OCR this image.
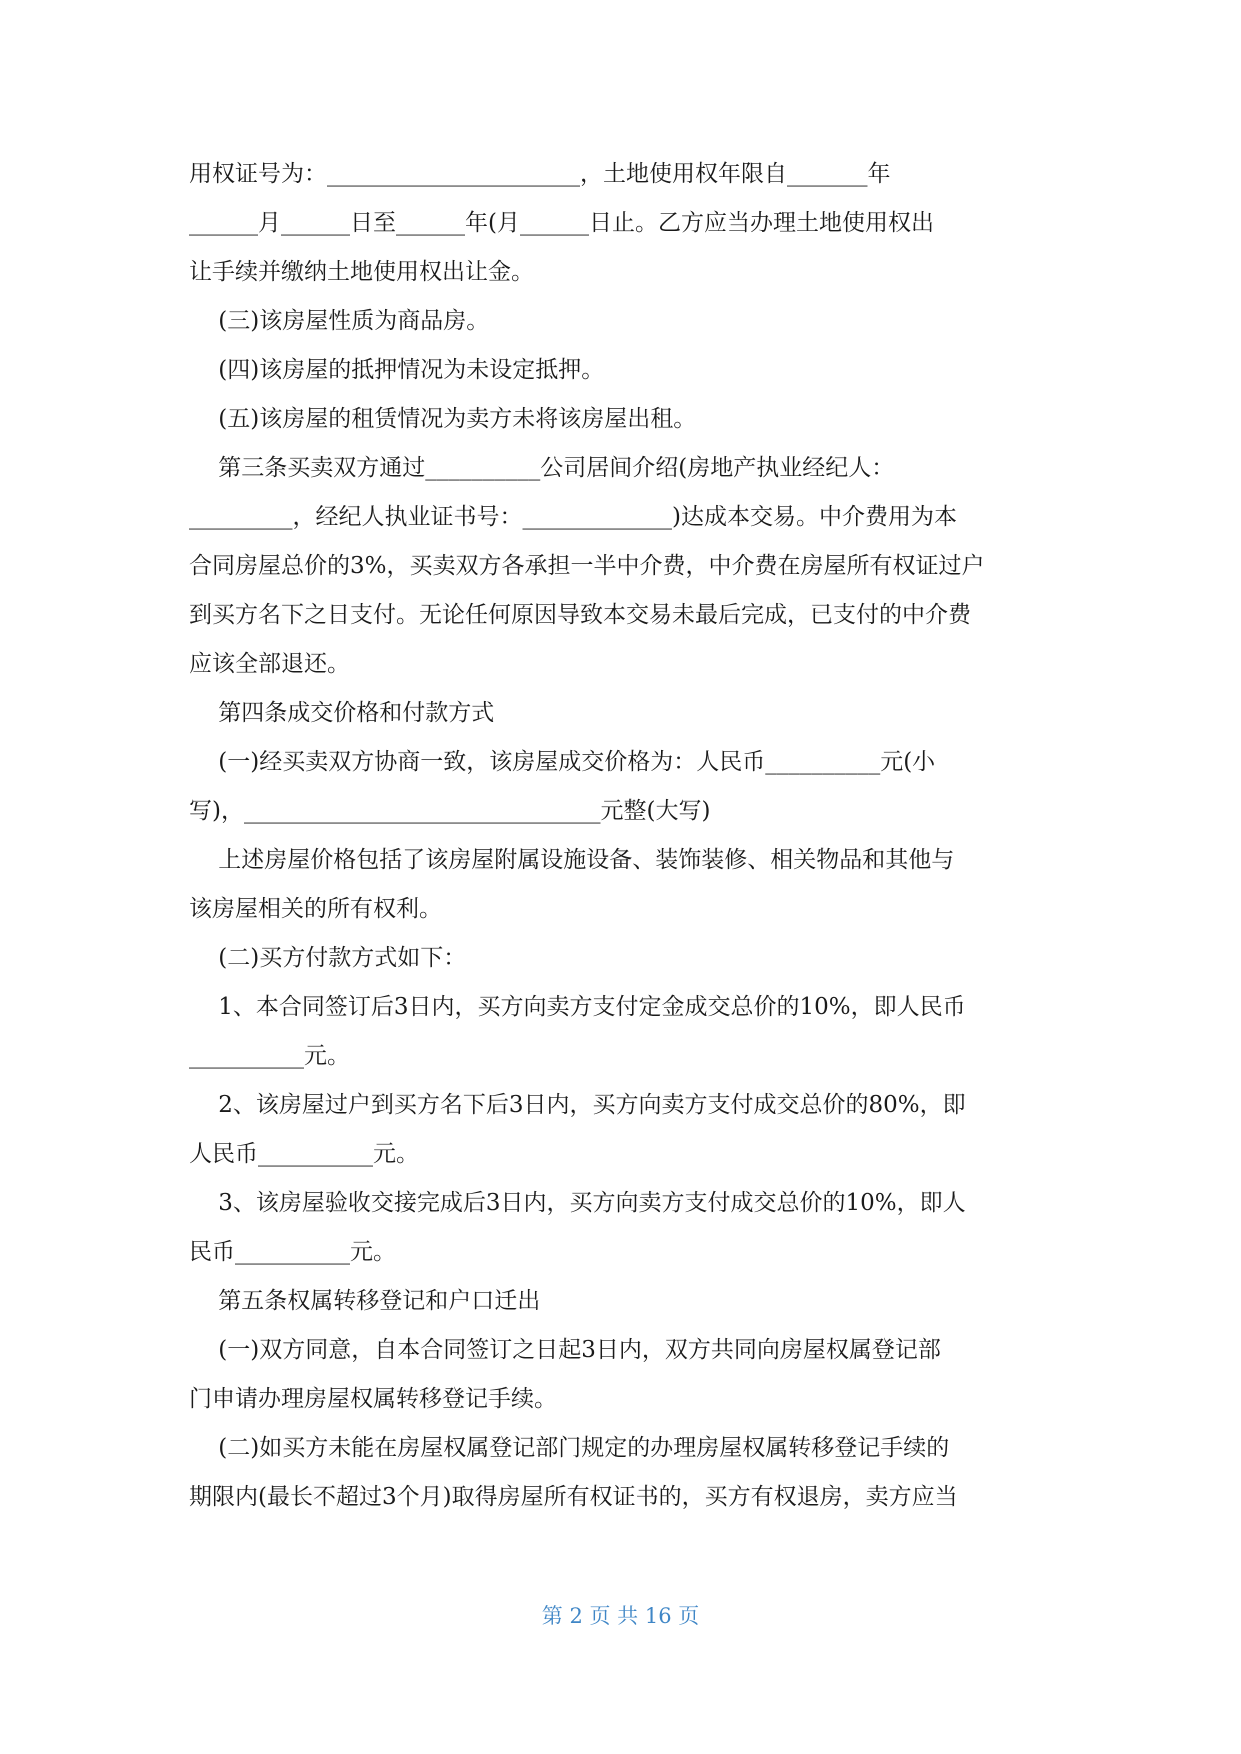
用权证号为：______________________，土地使用权年限自_______年
______月______日至______年(月______日止。乙方应当办理土地使用权出
让手续并缴纳土地使用权出让金。
(三)该房屋性质为商品房。
(四)该房屋的抵押情况为未设定抵押。
(五)该房屋的租赁情况为卖方未将该房屋出租。
第三条买卖双方通过__________公司居间介绍(房地产执业经纪人：
_________，经纪人执业证书号：_____________)达成本交易。中介费用为本
合同房屋总价的3%，买卖双方各承担一半中介费，中介费在房屋所有权证过户
到买方名下之日支付。无论任何原因导致本交易未最后完成，已支付的中介费
应该全部退还。
第四条成交价格和付款方式
(一)经买卖双方协商一致，该房屋成交价格为：人民币__________元(小
写)，_______________________________元整(大写)
上述房屋价格包括了该房屋附属设施设备、装饰装修、相关物品和其他与
该房屋相关的所有权利。
(二)买方付款方式如下：
1、本合同签订后3日内，买方向卖方支付定金成交总价的10%，即人民币
__________元。
2、该房屋过户到买方名下后3日内，买方向卖方支付成交总价的80%，即
人民币__________元。
3、该房屋验收交接完成后3日内，买方向卖方支付成交总价的10%，即人
民币__________元。
第五条权属转移登记和户口迁出
(一)双方同意，自本合同签订之日起3日内，双方共同向房屋权属登记部
门申请办理房屋权属转移登记手续。
(二)如买方未能在房屋权属登记部门规定的办理房屋权属转移登记手续的
期限内(最长不超过3个月)取得房屋所有权证书的，买方有权退房，卖方应当
第 2 页 共 16 页
